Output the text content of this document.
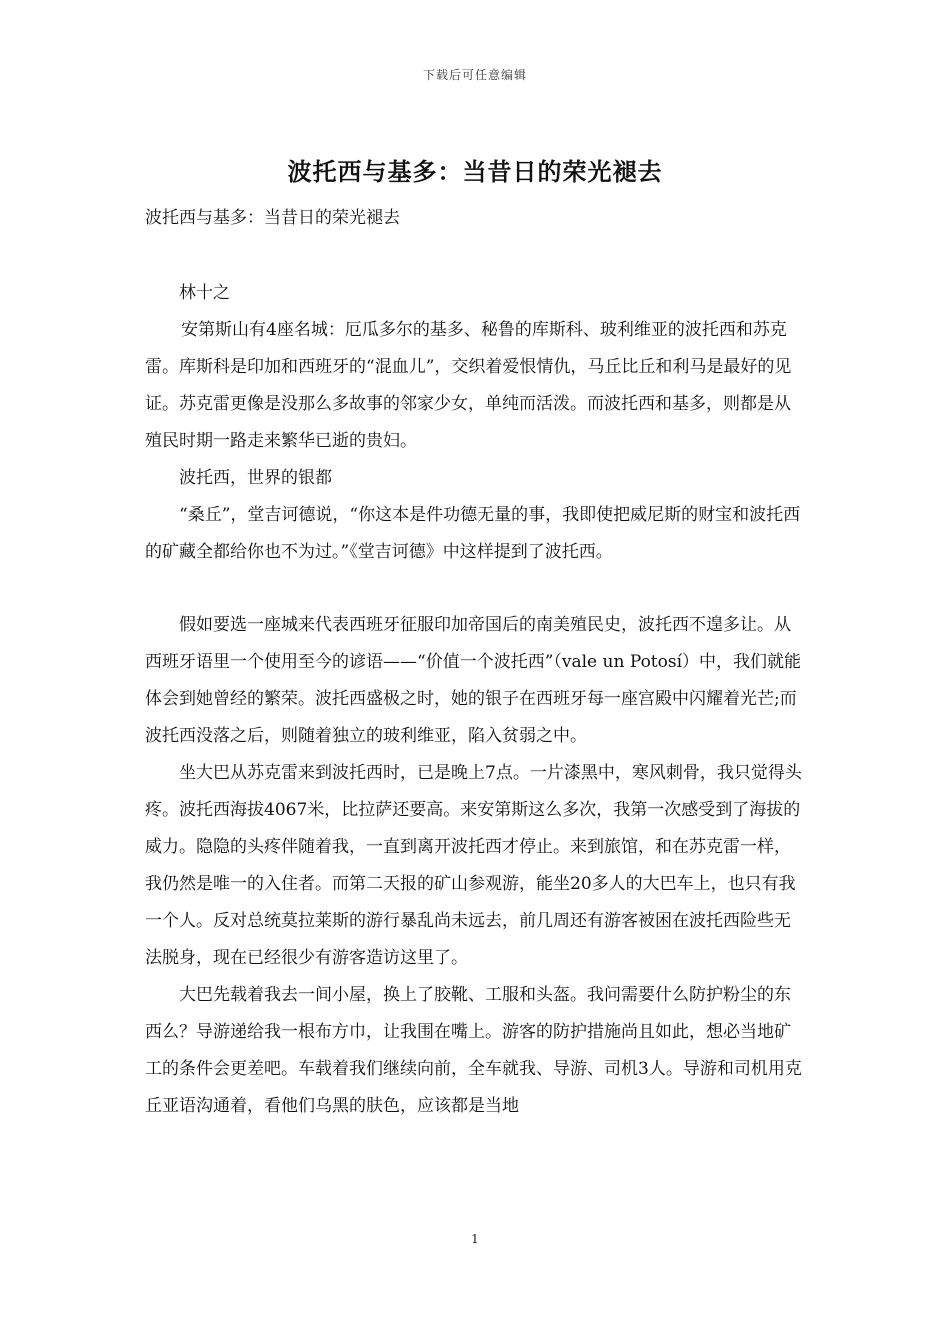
下载后可任意编辑
波托西与基多：当昔日的荣光褪去

波托西与基多：当昔日的荣光褪去

林十之

安第斯山有4座名城：厄瓜多尔的基多、秘鲁的库斯科、玻利维亚的波托西和苏克雷。库斯科是印加和西班牙的“混血儿”，交织着爱恨情仇，马丘比丘和利马是最好的见证。苏克雷更像是没那么多故事的邻家少女，单纯而活泼。而波托西和基多，则都是从殖民时期一路走来繁华已逝的贵妇。

波托西，世界的银都

“桑丘”，堂吉诃德说，“你这本是件功德无量的事，我即使把威尼斯的财宝和波托西的矿藏全都给你也不为过。”《堂吉诃德》中这样提到了波托西。

假如要选一座城来代表西班牙征服印加帝国后的南美殖民史，波托西不遑多让。从西班牙语里一个使用至今的谚语——“价值一个波托西”（vale un Potosí）中，我们就能体会到她曾经的繁荣。波托西盛极之时，她的银子在西班牙每一座宫殿中闪耀着光芒;而波托西没落之后，则随着独立的玻利维亚，陷入贫弱之中。

坐大巴从苏克雷来到波托西时，已是晚上7点。一片漆黑中，寒风刺骨，我只觉得头疼。波托西海拔4067米，比拉萨还要高。来安第斯这么多次，我第一次感受到了海拔的威力。隐隐的头疼伴随着我，一直到离开波托西才停止。来到旅馆，和在苏克雷一样，我仍然是唯一的入住者。而第二天报的矿山参观游，能坐20多人的大巴车上，也只有我一个人。反对总统莫拉莱斯的游行暴乱尚未远去，前几周还有游客被困在波托西险些无法脱身，现在已经很少有游客造访这里了。

大巴先载着我去一间小屋，换上了胶靴、工服和头盔。我问需要什么防护粉尘的东西么？导游递给我一根布方巾，让我围在嘴上。游客的防护措施尚且如此，想必当地矿工的条件会更差吧。车载着我们继续向前，全车就我、导游、司机3人。导游和司机用克丘亚语沟通着，看他们乌黑的肤色，应该都是当地

1
